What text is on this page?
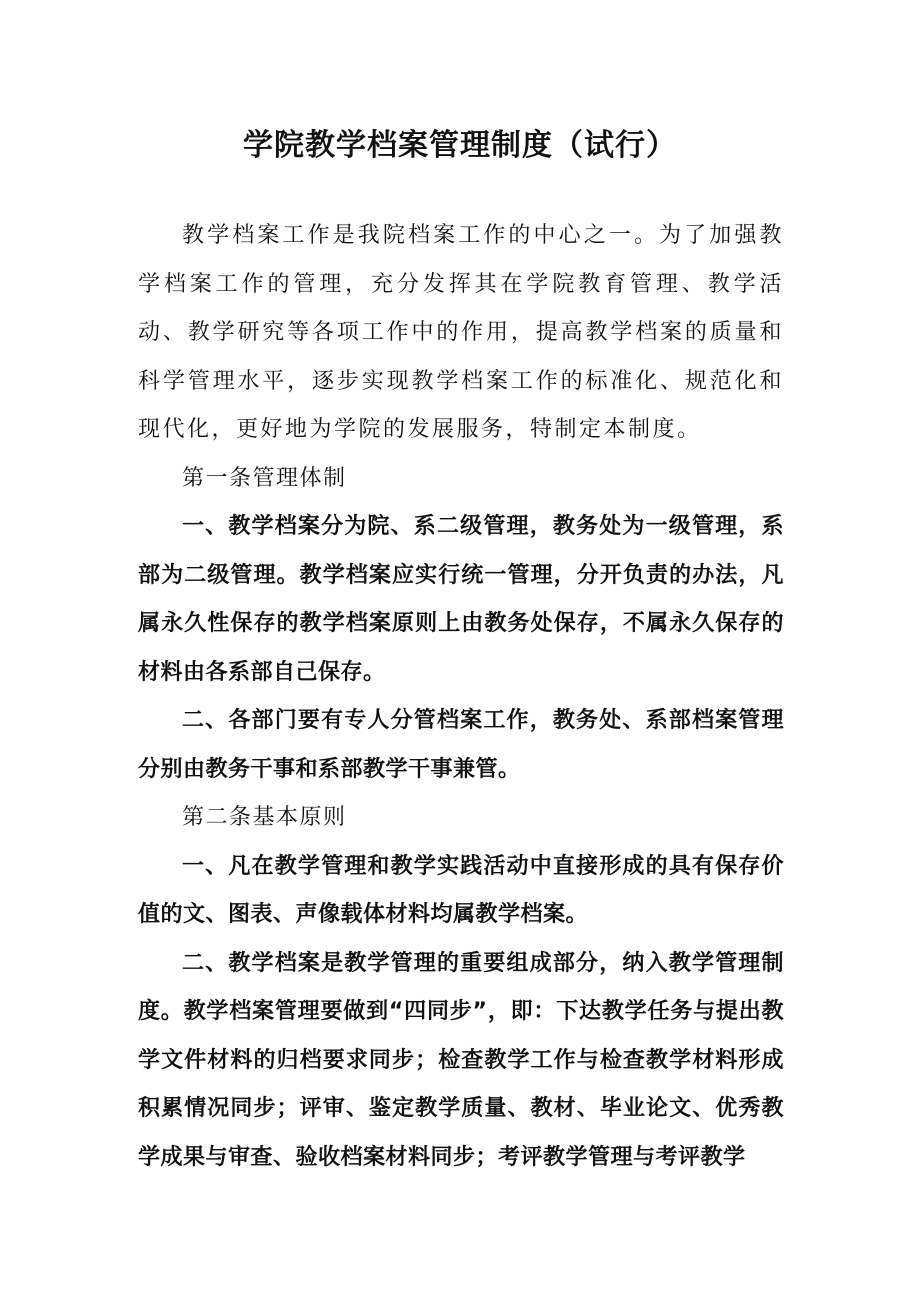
学院教学档案管理制度（试行）

教学档案工作是我院档案工作的中心之一。为了加强教学档案工作的管理，充分发挥其在学院教育管理、教学活动、教学研究等各项工作中的作用，提高教学档案的质量和科学管理水平，逐步实现教学档案工作的标准化、规范化和现代化，更好地为学院的发展服务，特制定本制度。

第一条管理体制

一、教学档案分为院、系二级管理，教务处为一级管理，系部为二级管理。教学档案应实行统一管理，分开负责的办法，凡属永久性保存的教学档案原则上由教务处保存，不属永久保存的材料由各系部自己保存。

二、各部门要有专人分管档案工作，教务处、系部档案管理分别由教务干事和系部教学干事兼管。

第二条基本原则

一、凡在教学管理和教学实践活动中直接形成的具有保存价值的文、图表、声像载体材料均属教学档案。

二、教学档案是教学管理的重要组成部分，纳入教学管理制度。教学档案管理要做到“四同步”，即：下达教学任务与提出教学文件材料的归档要求同步；检查教学工作与检查教学材料形成积累情况同步；评审、鉴定教学质量、教材、毕业论文、优秀教学成果与审查、验收档案材料同步；考评教学管理与考评教学
